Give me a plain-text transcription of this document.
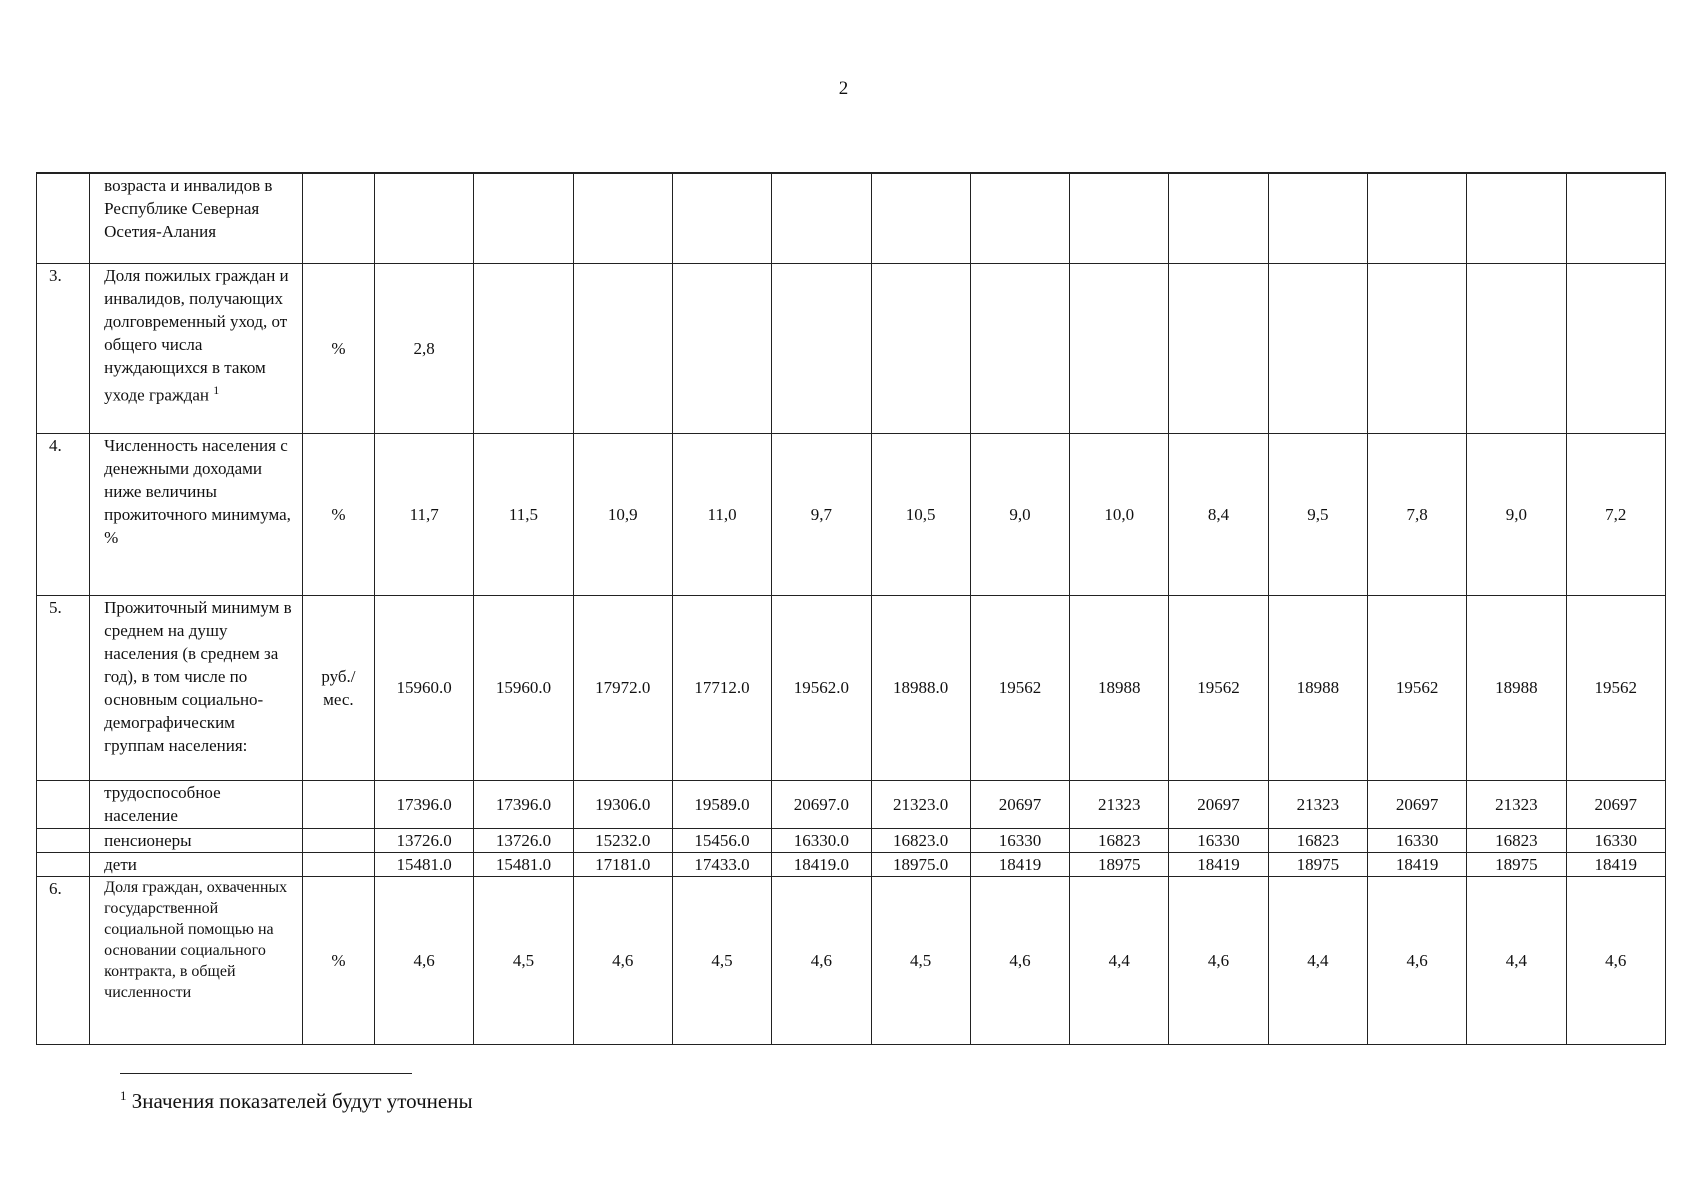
2
	возраста и инвалидов в Республике Северная Осетия-Алания														
3.	Доля пожилых граждан и инвалидов, получающих долговременный уход, от общего числа нуждающихся в таком уходе граждан $^1$	%	2,8												
4.	Численность населения с денежными доходами ниже величины прожиточного минимума, %	%	11,7	11,5	10,9	11,0	9,7	10,5	9,0	10,0	8,4	9,5	7,8	9,0	7,2
5.	Прожиточный минимум в среднем на душу населения (в среднем за год), в том числе по основным социально-демографическим группам населения:	руб./ мес.	15960.0	15960.0	17972.0	17712.0	19562.0	18988.0	19562	18988	19562	18988	19562	18988	19562
	трудоспособное население		17396.0	17396.0	19306.0	19589.0	20697.0	21323.0	20697	21323	20697	21323	20697	21323	20697
	пенсионеры		13726.0	13726.0	15232.0	15456.0	16330.0	16823.0	16330	16823	16330	16823	16330	16823	16330
	дети		15481.0	15481.0	17181.0	17433.0	18419.0	18975.0	18419	18975	18419	18975	18419	18975	18419
6.	Доля граждан, охваченных государственной социальной помощью на основании социального контракта, в общей численности	%	4,6	4,5	4,6	4,5	4,6	4,5	4,6	4,4	4,6	4,4	4,6	4,4	4,6
$^1$ Значения показателей будут уточнены
